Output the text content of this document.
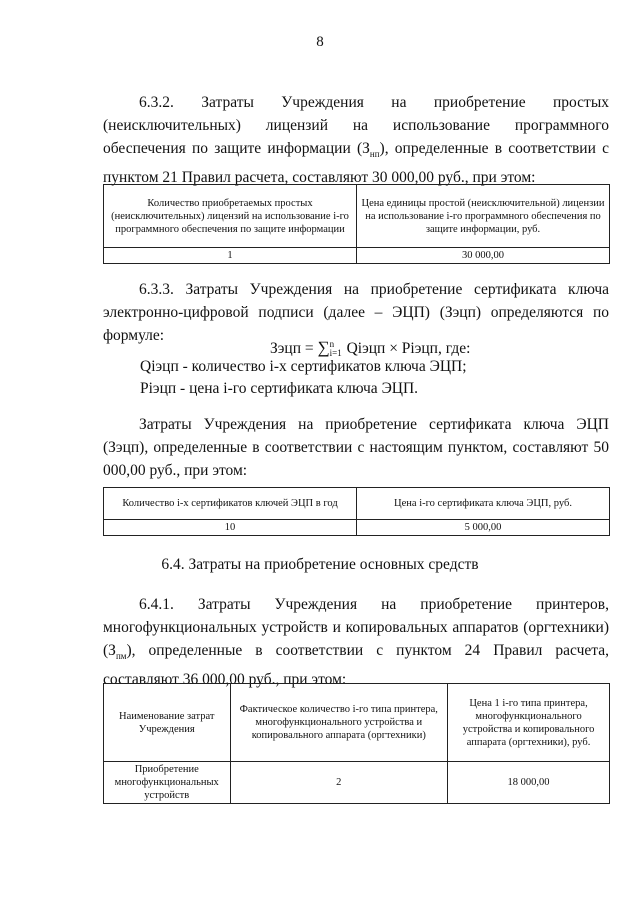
8

6.3.2. Затраты Учреждения на приобретение простых (неисключительных) лицензий на использование программного обеспечения по защите информации $(З_{нп})$, определенные в соответствии с пунктом 21 Правил расчета, составляют 30 000,00 руб., при этом:

Количество приобретаемых простых (неисключительных) лицензий на использование i-го программного обеспечения по защите информации	Цена единицы простой (неисключительной) лицензии на использование i-го программного обеспечения по защите информации, руб.
1	30 000,00

6.3.3. Затраты Учреждения на приобретение сертификата ключа электронно-цифровой подписи (далее – ЭЦП) (Зэцп) определяются по формуле:

Зэцп = ∑ n
i=1 Qiэцп × Piэцп, где:

Qiэцп - количество i-х сертификатов ключа ЭЦП;

Piэцп - цена i-го сертификата ключа ЭЦП.

Затраты Учреждения на приобретение сертификата ключа ЭЦП (Зэцп), определенные в соответствии с настоящим пунктом, составляют 50 000,00 руб., при этом:

Количество i-х сертификатов ключей ЭЦП в год	Цена i-го сертификата ключа ЭЦП, руб.
10	5 000,00

6.4. Затраты на приобретение основных средств

6.4.1. Затраты Учреждения на приобретение принтеров, многофункциональных устройств и копировальных аппаратов (оргтехники) $(З_{пм})$, определенные в соответствии с пунктом 24 Правил расчета, составляют 36 000,00 руб., при этом:

Наименование затрат Учреждения	Фактическое количество i-го типа принтера, многофункционального устройства и копировального аппарата (оргтехники)	Цена 1 i-го типа принтера, многофункционального устройства и копировального аппарата (оргтехники), руб.
Приобретение многофункциональных устройств	2	18 000,00
